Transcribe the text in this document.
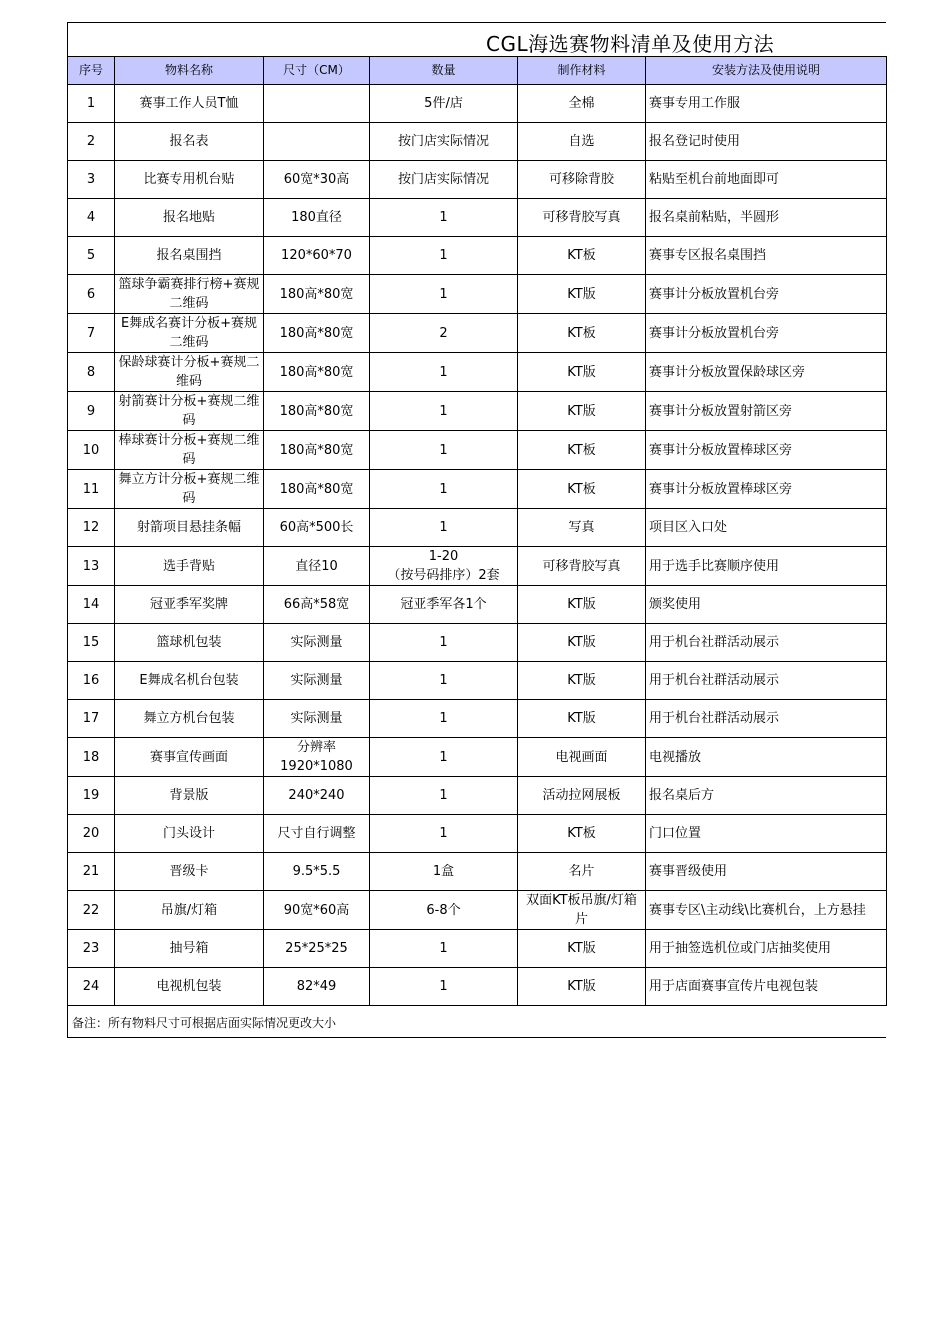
CGL海选赛物料清单及使用方法
序号	物料名称	尺寸（CM）	数量	制作材料	安装方法及使用说明
1	赛事工作人员T恤		5件/店	全棉	赛事专用工作服
2	报名表		按门店实际情况	自选	报名登记时使用
3	比赛专用机台贴	60宽*30高	按门店实际情况	可移除背胶	粘贴至机台前地面即可
4	报名地贴	180直径	1	可移背胶写真	报名桌前粘贴，半圆形
5	报名桌围挡	120*60*70	1	KT板	赛事专区报名桌围挡
6	篮球争霸赛排行榜+赛规二维码	180高*80宽	1	KT版	赛事计分板放置机台旁
7	E舞成名赛计分板+赛规二维码	180高*80宽	2	KT板	赛事计分板放置机台旁
8	保龄球赛计分板+赛规二维码	180高*80宽	1	KT版	赛事计分板放置保龄球区旁
9	射箭赛计分板+赛规二维码	180高*80宽	1	KT版	赛事计分板放置射箭区旁
10	棒球赛计分板+赛规二维码	180高*80宽	1	KT板	赛事计分板放置棒球区旁
11	舞立方计分板+赛规二维码	180高*80宽	1	KT板	赛事计分板放置棒球区旁
12	射箭项目悬挂条幅	60高*500长	1	写真	项目区入口处
13	选手背贴	直径10	1-20
（按号码排序）2套	可移背胶写真	用于选手比赛顺序使用
14	冠亚季军奖牌	66高*58宽	冠亚季军各1个	KT版	颁奖使用
15	篮球机包装	实际测量	1	KT版	用于机台社群活动展示
16	E舞成名机台包装	实际测量	1	KT版	用于机台社群活动展示
17	舞立方机台包装	实际测量	1	KT版	用于机台社群活动展示
18	赛事宣传画面	分辨率
1920*1080	1	电视画面	电视播放
19	背景版	240*240	1	活动拉网展板	报名桌后方
20	门头设计	尺寸自行调整	1	KT板	门口位置
21	晋级卡	9.5*5.5	1盒	名片	赛事晋级使用
22	吊旗/灯箱	90宽*60高	6-8个	双面KT板吊旗/灯箱片	赛事专区\主动线\比赛机台，上方悬挂
23	抽号箱	25*25*25	1	KT版	用于抽签选机位或门店抽奖使用
24	电视机包装	82*49	1	KT版	用于店面赛事宣传片电视包装
备注：所有物料尺寸可根据店面实际情况更改大小
